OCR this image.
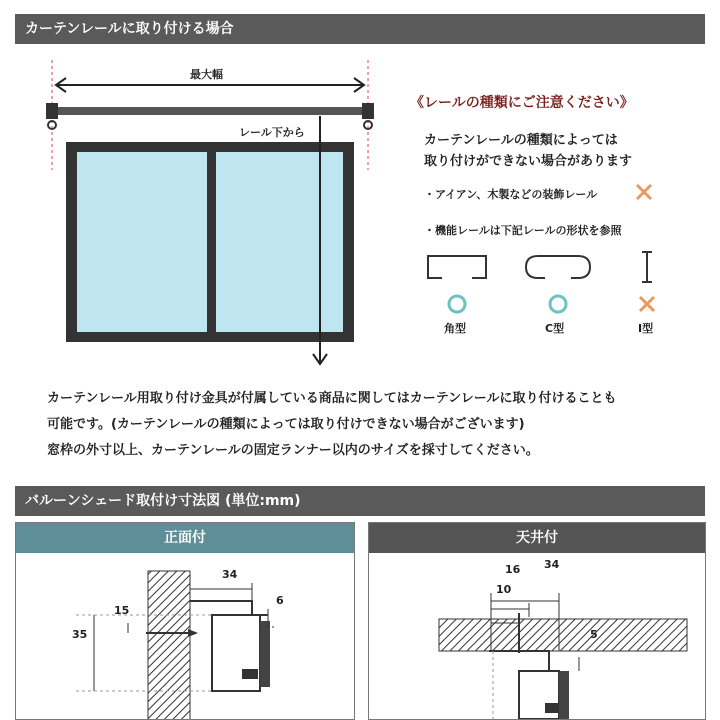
カーテンレールに取り付ける場合
最大幅
レール下から
《レールの種類にご注意ください》
カーテンレールの種類によっては
取り付けができない場合があります
・アイアン、木製などの装飾レール
・機能レールは下記レールの形状を参照
角型	C型	I型
カーテンレール用取り付け金具が付属している商品に関してはカーテンレールに取り付けることも
可能です。(カーテンレールの種類によっては取り付けできない場合がございます)
窓枠の外寸以上、カーテンレールの固定ランナー以内のサイズを採寸してください。
バルーンシェード取付け寸法図 (単位:mm)
正面付
34
6
15
35
天井付
16 34
10
5
